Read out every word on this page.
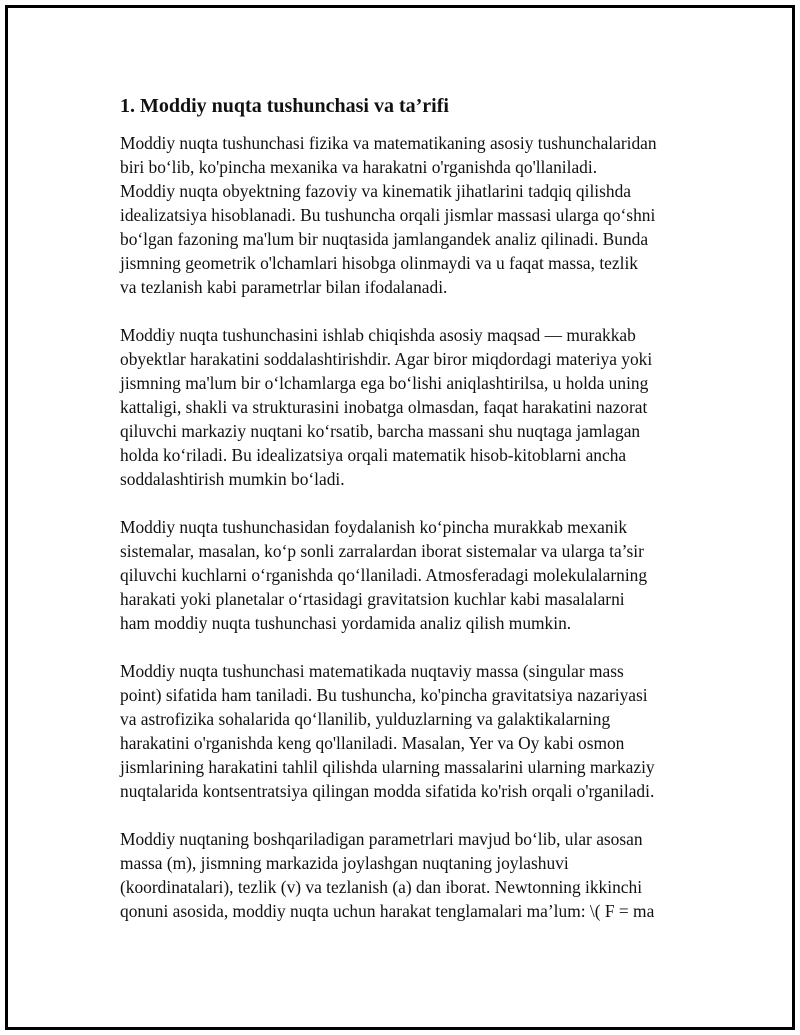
1. Moddiy nuqta tushunchasi va ta’rifi

Moddiy nuqta tushunchasi fizika va matematikaning asosiy tushunchalaridan
biri bo‘lib, ko'pincha mexanika va harakatni o'rganishda qo'llaniladi.
Moddiy nuqta obyektning fazoviy va kinematik jihatlarini tadqiq qilishda
idealizatsiya hisoblanadi. Bu tushuncha orqali jismlar massasi ularga qo‘shni
bo‘lgan fazoning ma'lum bir nuqtasida jamlangandek analiz qilinadi. Bunda
jismning geometrik o'lchamlari hisobga olinmaydi va u faqat massa, tezlik
va tezlanish kabi parametrlar bilan ifodalanadi.

Moddiy nuqta tushunchasini ishlab chiqishda asosiy maqsad — murakkab
obyektlar harakatini soddalashtirishdir. Agar biror miqdordagi materiya yoki
jismning ma'lum bir o‘lchamlarga ega bo‘lishi aniqlashtirilsa, u holda uning
kattaligi, shakli va strukturasini inobatga olmasdan, faqat harakatini nazorat
qiluvchi markaziy nuqtani ko‘rsatib, barcha massani shu nuqtaga jamlagan
holda ko‘riladi. Bu idealizatsiya orqali matematik hisob-kitoblarni ancha
soddalashtirish mumkin bo‘ladi.

Moddiy nuqta tushunchasidan foydalanish ko‘pincha murakkab mexanik
sistemalar, masalan, ko‘p sonli zarralardan iborat sistemalar va ularga ta’sir
qiluvchi kuchlarni o‘rganishda qo‘llaniladi. Atmosferadagi molekulalarning
harakati yoki planetalar o‘rtasidagi gravitatsion kuchlar kabi masalalarni
ham moddiy nuqta tushunchasi yordamida analiz qilish mumkin.

Moddiy nuqta tushunchasi matematikada nuqtaviy massa (singular mass
point) sifatida ham taniladi. Bu tushuncha, ko'pincha gravitatsiya nazariyasi
va astrofizika sohalarida qo‘llanilib, yulduzlarning va galaktikalarning
harakatini o'rganishda keng qo'llaniladi. Masalan, Yer va Oy kabi osmon
jismlarining harakatini tahlil qilishda ularning massalarini ularning markaziy
nuqtalarida kontsentratsiya qilingan modda sifatida ko'rish orqali o'rganiladi.

Moddiy nuqtaning boshqariladigan parametrlari mavjud bo‘lib, ular asosan
massa (m), jismning markazida joylashgan nuqtaning joylashuvi
(koordinatalari), tezlik (v) va tezlanish (a) dan iborat. Newtonning ikkinchi
qonuni asosida, moddiy nuqta uchun harakat tenglamalari ma’lum: \( F = ma
